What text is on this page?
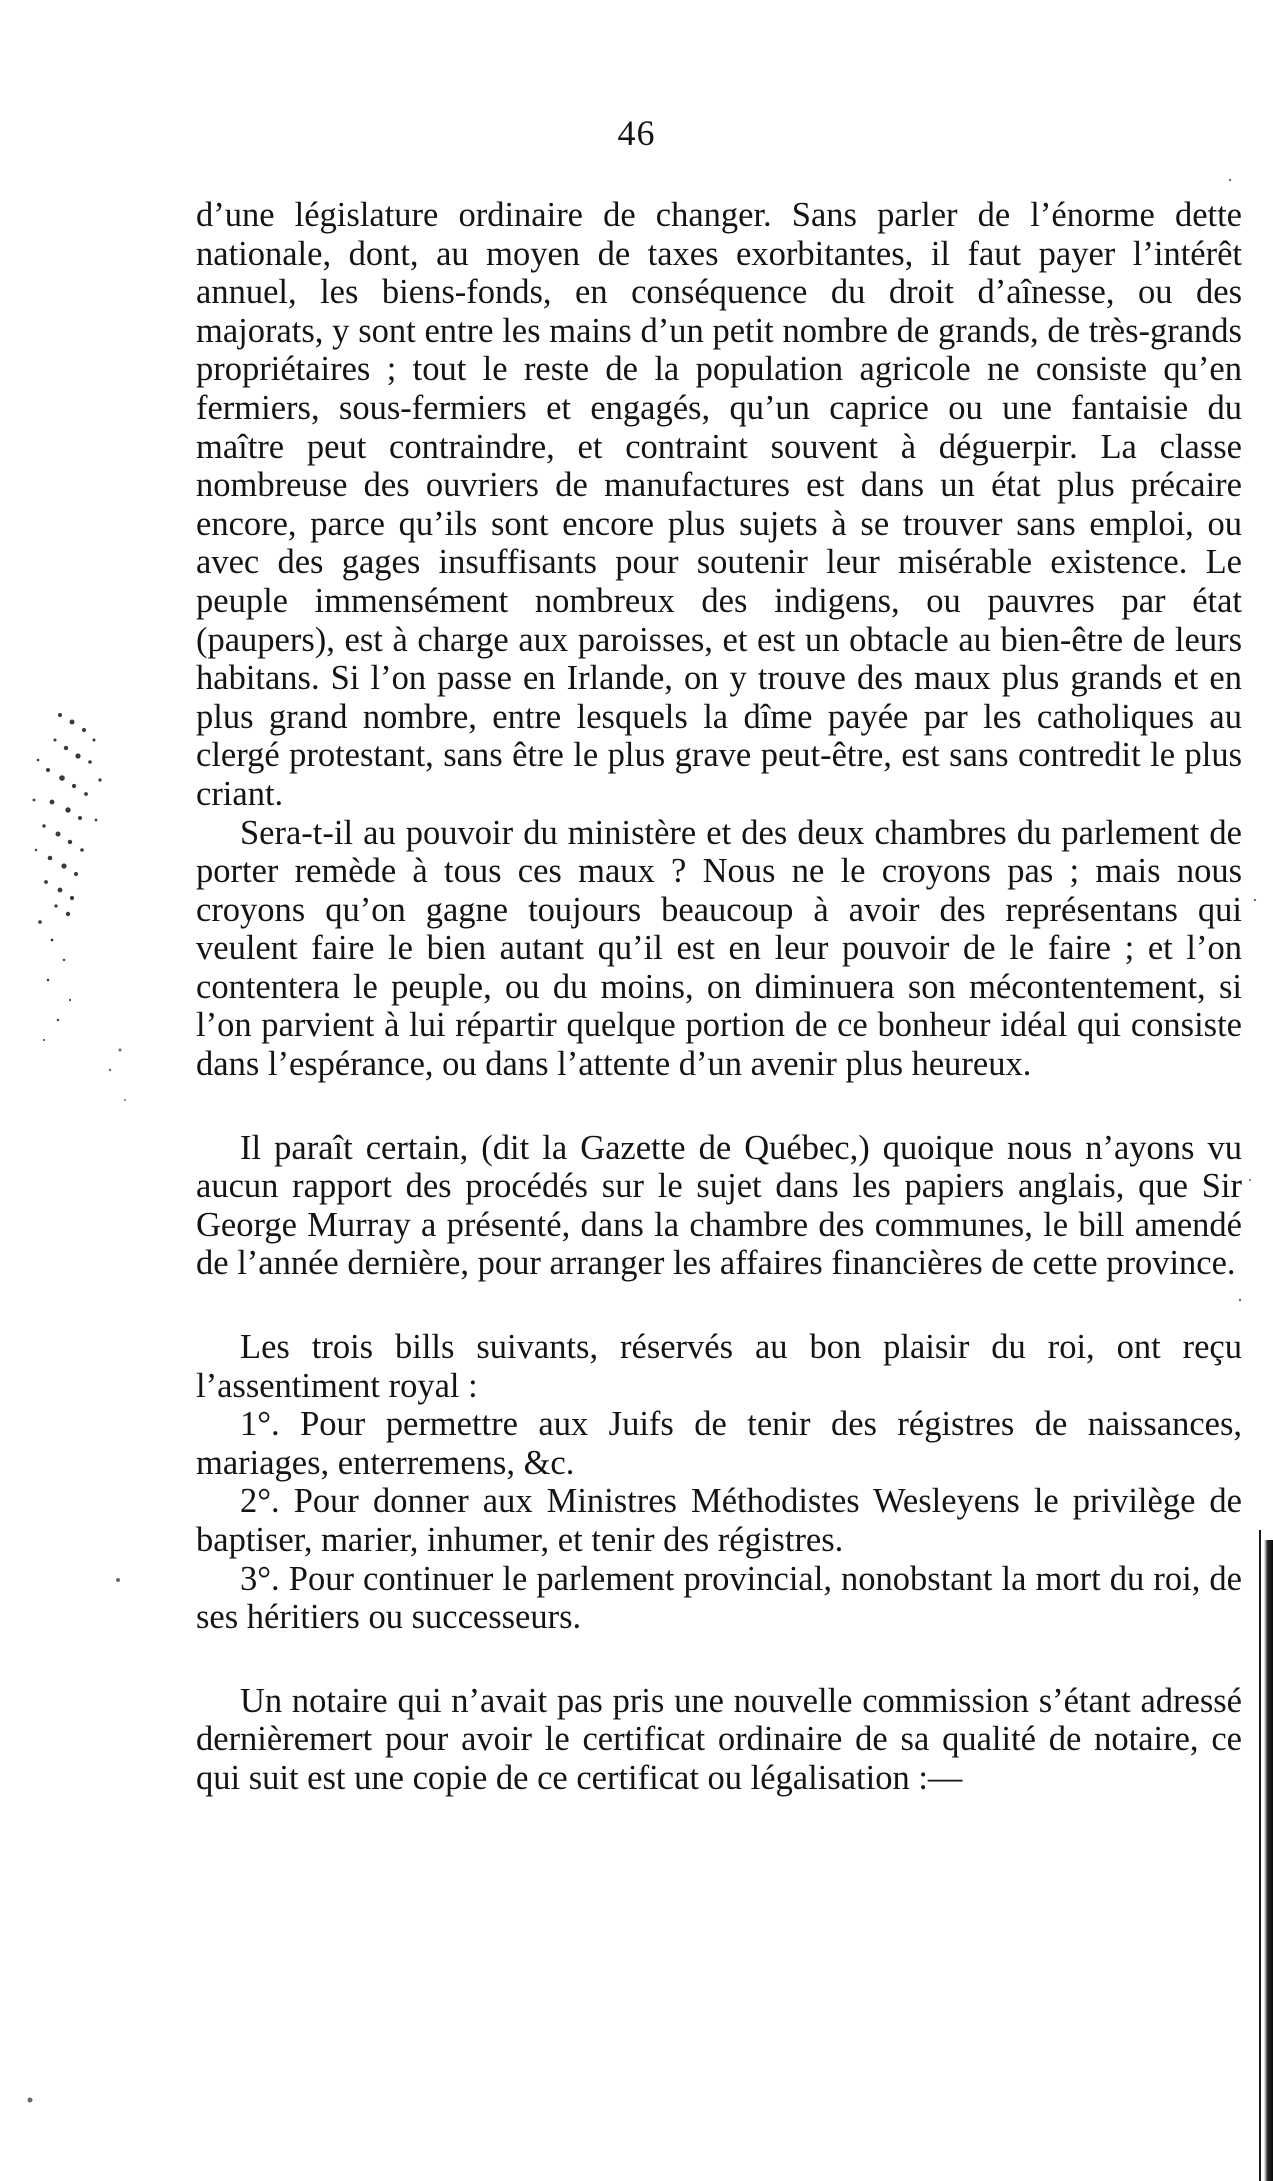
46

d’une législature ordinaire de changer. Sans parler de l’énorme dette nationale, dont, au moyen de taxes exorbitantes, il faut payer l’intérêt annuel, les biens-fonds, en conséquence du droit d’aînesse, ou des majorats, y sont entre les mains d’un petit nombre de grands, de très-grands propriétaires ; tout le reste de la population agricole ne consiste qu’en fermiers, sous-fermiers et engagés, qu’un caprice ou une fantaisie du maître peut contraindre, et contraint souvent à déguerpir. La classe nombreuse des ouvriers de manufactures est dans un état plus précaire encore, parce qu’ils sont encore plus sujets à se trouver sans emploi, ou avec des gages insuffisants pour soutenir leur misérable existence. Le peuple immensément nombreux des indigens, ou pauvres par état (paupers), est à charge aux paroisses, et est un obtacle au bien-être de leurs habitans. Si l’on passe en Irlande, on y trouve des maux plus grands et en plus grand nombre, entre lesquels la dîme payée par les catholiques au clergé protestant, sans être le plus grave peut-être, est sans contredit le plus criant.

Sera-t-il au pouvoir du ministère et des deux chambres du parlement de porter remède à tous ces maux ? Nous ne le croyons pas ; mais nous croyons qu’on gagne toujours beaucoup à avoir des représentans qui veulent faire le bien autant qu’il est en leur pouvoir de le faire ; et l’on contentera le peuple, ou du moins, on diminuera son mécontentement, si l’on parvient à lui répartir quelque portion de ce bonheur idéal qui consiste dans l’espérance, ou dans l’attente d’un avenir plus heureux.

Il paraît certain, (dit la Gazette de Québec,) quoique nous n’ayons vu aucun rapport des procédés sur le sujet dans les papiers anglais, que Sir George Murray a présenté, dans la chambre des communes, le bill amendé de l’année dernière, pour arranger les affaires financières de cette province.

Les trois bills suivants, réservés au bon plaisir du roi, ont reçu l’assentiment royal :

1°. Pour permettre aux Juifs de tenir des régistres de naissances, mariages, enterremens, &c.

2°. Pour donner aux Ministres Méthodistes Wesleyens le privilège de baptiser, marier, inhumer, et tenir des régistres.

3°. Pour continuer le parlement provincial, nonobstant la mort du roi, de ses héritiers ou successeurs.

Un notaire qui n’avait pas pris une nouvelle commission s’étant adressé dernièremert pour avoir le certificat ordinaire de sa qualité de notaire, ce qui suit est une copie de ce certificat ou légalisation :—
